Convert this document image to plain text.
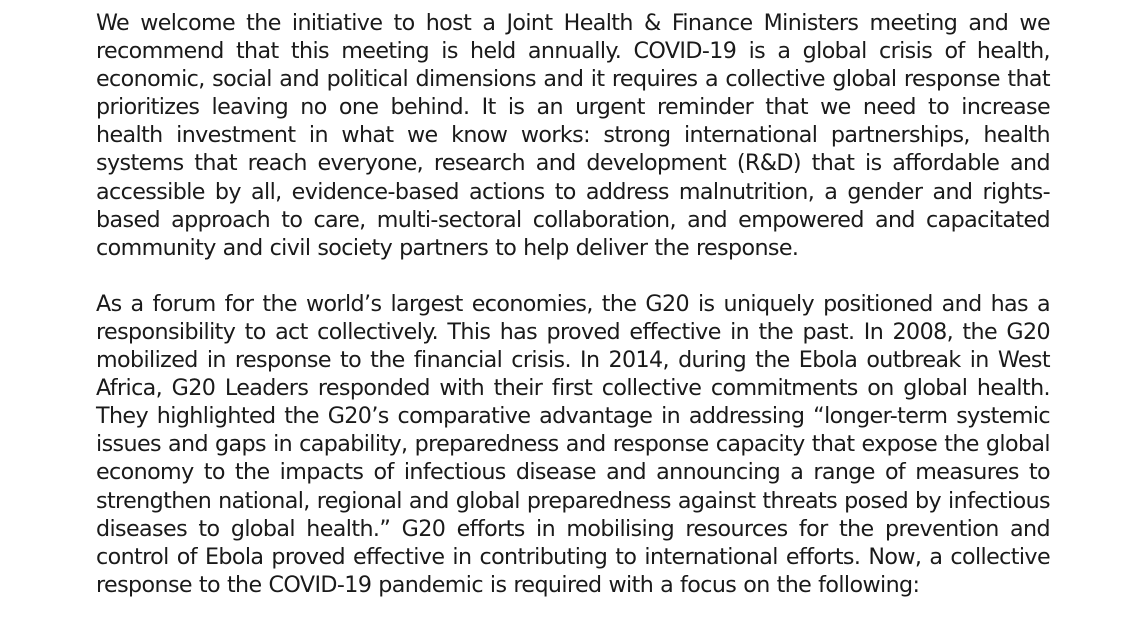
We welcome the initiative to host a Joint Health & Finance Ministers meeting and we recommend that this meeting is held annually. COVID-19 is a global crisis of health, economic, social and political dimensions and it requires a collective global response that prioritizes leaving no one behind. It is an urgent reminder that we need to increase health investment in what we know works: strong international partnerships, health systems that reach everyone, research and development (R&D) that is affordable and accessible by all, evidence-based actions to address malnutrition, a gender and rights-based approach to care, multi-sectoral collaboration, and empowered and capacitated community and civil society partners to help deliver the response.

As a forum for the world’s largest economies, the G20 is uniquely positioned and has a responsibility to act collectively. This has proved effective in the past. In 2008, the G20 mobilized in response to the financial crisis. In 2014, during the Ebola outbreak in West Africa, G20 Leaders responded with their first collective commitments on global health. They highlighted the G20’s comparative advantage in addressing “longer-term systemic issues and gaps in capability, preparedness and response capacity that expose the global economy to the impacts of infectious disease and announcing a range of measures to strengthen national, regional and global preparedness against threats posed by infectious diseases to global health.” G20 efforts in mobilising resources for the prevention and control of Ebola proved effective in contributing to international efforts. Now, a collective response to the COVID-19 pandemic is required with a focus on the following:
